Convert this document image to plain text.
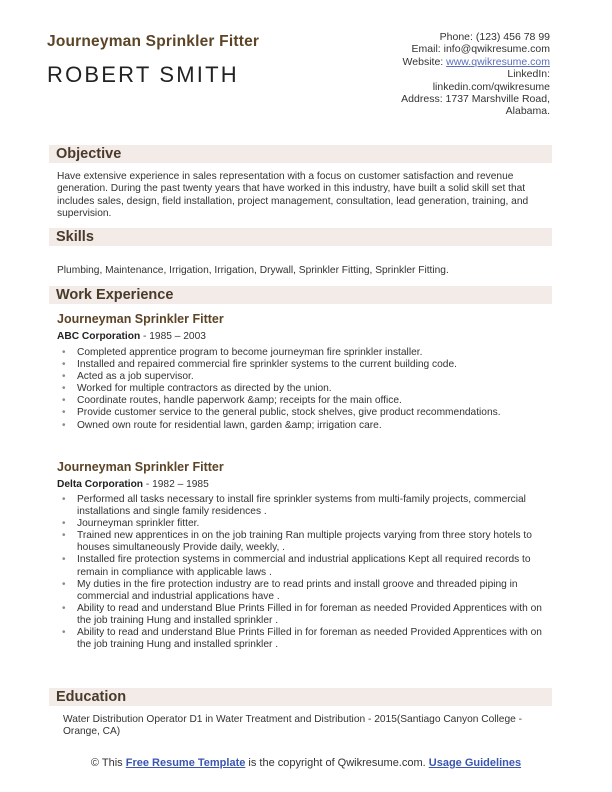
Journeyman Sprinkler Fitter
ROBERT SMITH
Phone: (123) 456 78 99
Email: info@qwikresume.com
Website: www.qwikresume.com
LinkedIn:
linkedin.com/qwikresume
Address: 1737 Marshville Road,
Alabama.
Objective
Have extensive experience in sales representation with a focus on customer satisfaction and revenue generation. During the past twenty years that have worked in this industry, have built a solid skill set that includes sales, design, field installation, project management, consultation, lead generation, training, and supervision.
Skills
Plumbing, Maintenance, Irrigation, Irrigation, Drywall, Sprinkler Fitting, Sprinkler Fitting.
Work Experience
Journeyman Sprinkler Fitter
ABC Corporation - 1985 – 2003
• Completed apprentice program to become journeyman fire sprinkler installer.
• Installed and repaired commercial fire sprinkler systems to the current building code.
• Acted as a job supervisor.
• Worked for multiple contractors as directed by the union.
• Coordinate routes, handle paperwork &amp; receipts for the main office.
• Provide customer service to the general public, stock shelves, give product recommendations.
• Owned own route for residential lawn, garden &amp; irrigation care.
Journeyman Sprinkler Fitter
Delta Corporation - 1982 – 1985
• Performed all tasks necessary to install fire sprinkler systems from multi-family projects, commercial installations and single family residences .
• Journeyman sprinkler fitter.
• Trained new apprentices in on the job training Ran multiple projects varying from three story hotels to houses simultaneously Provide daily, weekly, .
• Installed fire protection systems in commercial and industrial applications Kept all required records to remain in compliance with applicable laws .
• My duties in the fire protection industry are to read prints and install groove and threaded piping in commercial and industrial applications have .
• Ability to read and understand Blue Prints Filled in for foreman as needed Provided Apprentices with on the job training Hung and installed sprinkler .
• Ability to read and understand Blue Prints Filled in for foreman as needed Provided Apprentices with on the job training Hung and installed sprinkler .
Education
Water Distribution Operator D1 in Water Treatment and Distribution - 2015(Santiago Canyon College - Orange, CA)
© This Free Resume Template is the copyright of Qwikresume.com. Usage Guidelines
